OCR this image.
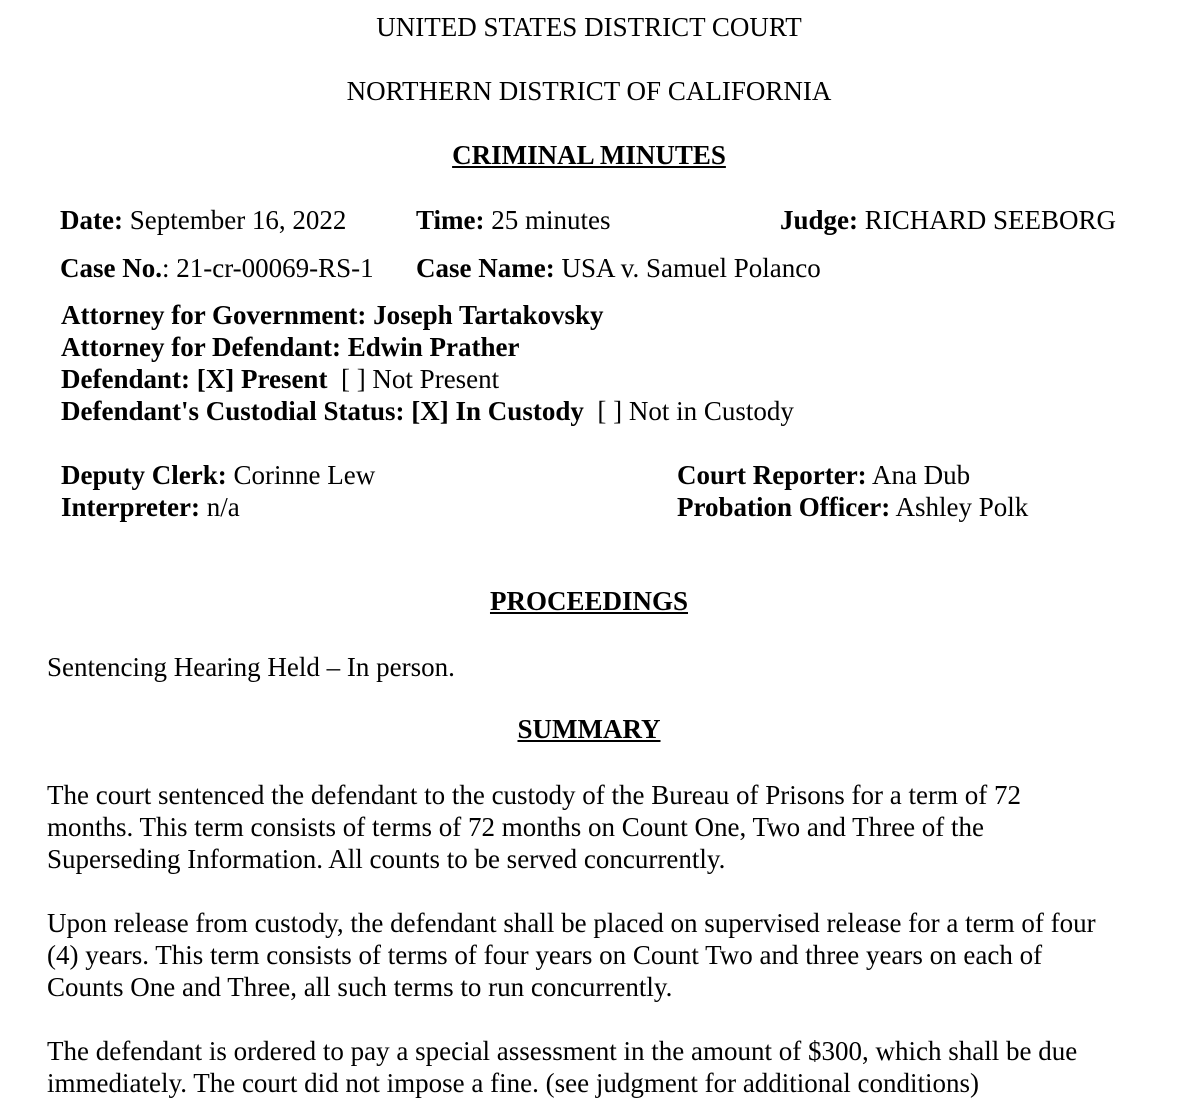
UNITED STATES DISTRICT COURT
NORTHERN DISTRICT OF CALIFORNIA
CRIMINAL MINUTES
Date: September 16, 2022	Time: 25 minutes	Judge: RICHARD SEEBORG
Case No.: 21-cr-00069-RS-1 Case Name: USA v. Samuel Polanco
Attorney for Government: Joseph Tartakovsky
Attorney for Defendant: Edwin Prather
Defendant: [X] Present [ ] Not Present
Defendant's Custodial Status: [X] In Custody [ ] Not in Custody
Deputy Clerk: Corinne Lew
Interpreter: n/a
Court Reporter: Ana Dub
Probation Officer: Ashley Polk
PROCEEDINGS
Sentencing Hearing Held – In person.
SUMMARY
The court sentenced the defendant to the custody of the Bureau of Prisons for a term of 72
months. This term consists of terms of 72 months on Count One, Two and Three of the
Superseding Information. All counts to be served concurrently.
Upon release from custody, the defendant shall be placed on supervised release for a term of four
(4) years. This term consists of terms of four years on Count Two and three years on each of
Counts One and Three, all such terms to run concurrently.
The defendant is ordered to pay a special assessment in the amount of $300, which shall be due
immediately. The court did not impose a fine. (see judgment for additional conditions)
